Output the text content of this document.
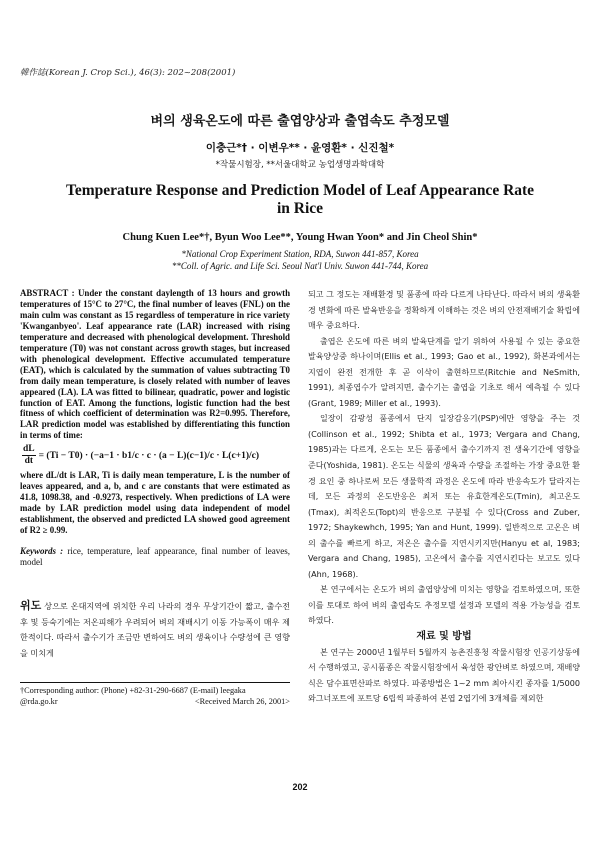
韓作誌(Korean J. Crop Sci.), 46(3): 202~208(2001)
벼의 생육온도에 따른 출엽양상과 출엽속도 추정모델
이충근*† · 이변우** · 윤영환* · 신진철*
*작물시험장, **서울대학교 농업생명과학대학
Temperature Response and Prediction Model of Leaf Appearance Rate in Rice
Chung Kuen Lee*†, Byun Woo Lee**, Young Hwan Yoon* and Jin Cheol Shin*
*National Crop Experiment Station, RDA, Suwon 441-857, Korea
**Coll. of Agric. and Life Sci. Seoul Nat'l Univ. Suwon 441-744, Korea

ABSTRACT : Under the constant daylength of 13 hours and growth temperatures of 15°C to 27°C, the final number of leaves (FNL) on the main culm was constant as 15 regardless of temperature in rice variety 'Kwanganbyeo'. Leaf appearance rate (LAR) increased with rising temperature and decreased with phenological development. Threshold temperature (T0) was not constant across growth stages, but increased with phenological development. Effective accumulated temperature (EAT), which is calculated by the summation of values subtracting T0 from daily mean temperature, is closely related with number of leaves appeared (LA). LA was fitted to bilinear, quadratic, power and logistic function of EAT. Among the functions, logistic function had the best fitness of which coefficient of determination was R2=0.995. Therefore, LAR prediction model was established by differentiating this function in terms of time:

$\frac{dL}{dt} = (Ti - T0) \cdot (-a-1 \cdot b1/c \cdot c \cdot (a - L)(c-1)/c \cdot L(c+1)/c)$

where dL/dt is LAR, Ti is daily mean temperature, L is the number of leaves appeared, and a, b, and c are constants that were estimated as 41.8, 1098.38, and -0.9273, respectively. When predictions of LA were made by LAR prediction model using data independent of model establishment, the observed and predicted LA showed good agreement of R2 ≥ 0.99.

Keywords : rice, temperature, leaf appearance, final number of leaves, model
위도 상으로 온대지역에 위치한 우리 나라의 경우 무상기간이 짧고, 출수전후 및 등숙기에는 저온피해가 우려되어 벼의 재배시기 이동 가능폭이 매우 제한적이다. 따라서 출수기가 조금만 변하여도 벼의 생육이나 수량성에 큰 영향을 미치게
†Corresponding author: (Phone) +82-31-290-6687 (E-mail) leegaka
@rda.go.kr	<Received March 26, 2001>

되고 그 정도는 재배환경 및 품종에 따라 다르게 나타난다. 따라서 벼의 생육환경 변화에 따른 발육반응을 정확하게 이해하는 것은 벼의 안전재배기술 확립에 매우 중요하다.

출엽은 온도에 따른 벼의 발육단계를 알기 위하여 사용될 수 있는 중요한 발육양상중 하나이며(Ellis et al., 1993; Gao et al., 1992), 화본과에서는 지엽이 완전 전개한 후 곧 이삭이 출현하므로(Ritchie and NeSmith, 1991), 최종엽수가 알려지면, 출수기는 출엽을 기초로 해서 예측될 수 있다(Grant, 1989; Miller et al., 1993).

일장이 감광성 품종에서 단지 일장감응기(PSP)에만 영향을 주는 것(Collinson et al., 1992; Shibta et al., 1973; Vergara and Chang, 1985)과는 다르게, 온도는 모든 품종에서 출수기까지 전 생육기간에 영향을 준다(Yoshida, 1981). 온도는 식물의 생육과 수량을 조절하는 가장 중요한 환경 요인 중 하나로써 모든 생물학적 과정은 온도에 따라 반응속도가 달라지는데, 모든 과정의 온도반응은 최저 또는 유효한계온도(Tmin), 최고온도(Tmax), 최적온도(Topt)의 반응으로 구분될 수 있다(Cross and Zuber, 1972; Shaykewhch, 1995; Yan and Hunt, 1999). 일반적으로 고온은 벼의 출수를 빠르게 하고, 저온은 출수를 지연시키지만(Hanyu et al, 1983; Vergara and Chang, 1985), 고온에서 출수를 지연시킨다는 보고도 있다(Ahn, 1968).

본 연구에서는 온도가 벼의 출엽양상에 미치는 영향을 검토하였으며, 또한 이를 토대로 하여 벼의 출엽속도 추정모델 설정과 모델의 적용 가능성을 검토하였다.

재료 및 방법

본 연구는 2000년 1월부터 5월까지 농촌진흥청 작물시험장 인공기상동에서 수행하였고, 공시품종은 작물시험장에서 육성한 광안벼로 하였으며, 재배양식은 담수표면산파로 하였다. 파종방법은 1~2 mm 최아시킨 종자를 1/5000 와그너포트에 포트당 6립씩 파종하여 본엽 2엽기에 3개체를 제외한

202
